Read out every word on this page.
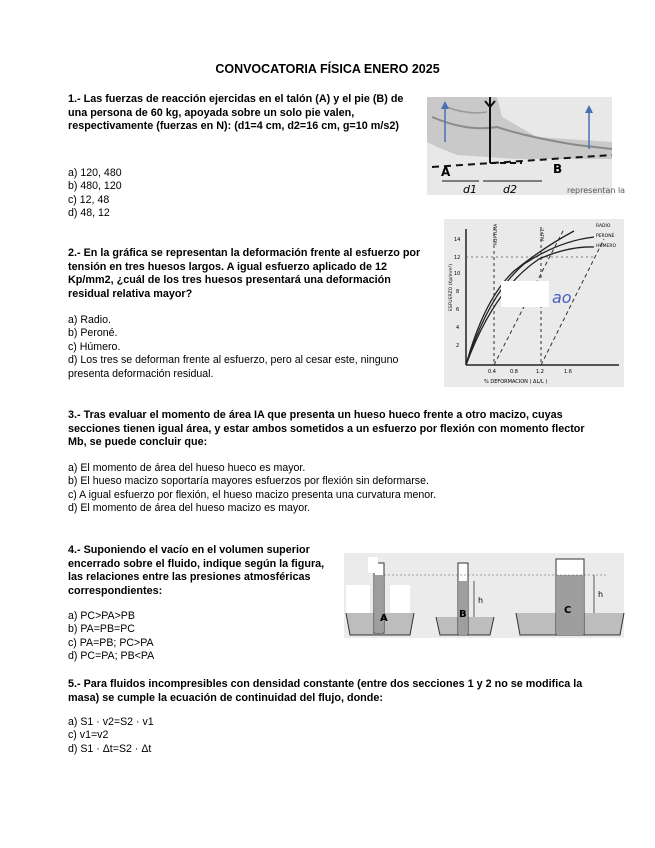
CONVOCATORIA FÍSICA ENERO 2025
1.- Las fuerzas de reacción ejercidas en el talón (A) y el pie (B) de una persona de 60 kg, apoyada sobre un solo pie valen, respectivamente (fuerzas en N): (d1=4 cm, d2=16 cm, g=10 m/s2)
a) 120, 480
b) 480, 120
c) 12, 48
d) 48, 12
A	B
d1 d2	representan la
2.- En la gráfica se representan la deformación frente al esfuerzo por tensión en tres huesos largos. A igual esfuerzo aplicado de 12 Kp/mm2, ¿cuál de los tres huesos presentará una deformación residual relativa mayor?
a) Radio.
b) Peroné.
c) Húmero.
d) Los tres se deforman frente al esfuerzo, pero al cesar este, ninguno presenta deformación residual.
RADIO
PERONE
HUMERO
RUPTURA	RUPT.
ESFUERZO (Kp/mm²)
2
4
6
8
10
12
14
0.4	0.8	1.2	1.6
% DEFORMACION ( ΔL/L )
ao
3.- Tras evaluar el momento de área IA que presenta un hueso hueco frente a otro macizo, cuyas secciones tienen igual área, y estar ambos sometidos a un esfuerzo por flexión con momento flector Mb, se puede concluir que:
a) El momento de área del hueso hueco es mayor.
b) El hueso macizo soportaría mayores esfuerzos por flexión sin deformarse.
c) A igual esfuerzo por flexión, el hueso macizo presenta una curvatura menor.
d) El momento de área del hueso macizo es mayor.
4.- Suponiendo el vacío en el volumen superior encerrado sobre el fluido, indique según la figura, las relaciones entre las presiones atmosféricas correspondientes:
a) PC>PA>PB
b) PA=PB=PC
c) PA=PB; PC>PA
d) PC=PA; PB<PA
A	B	C
h
h
5.- Para fluidos incompresibles con densidad constante (entre dos secciones 1 y 2 no se modifica la masa) se cumple la ecuación de continuidad del flujo, donde:
a) S1 · v2=S2 · v1
c) v1=v2
d) S1 · Δt=S2 · Δt
